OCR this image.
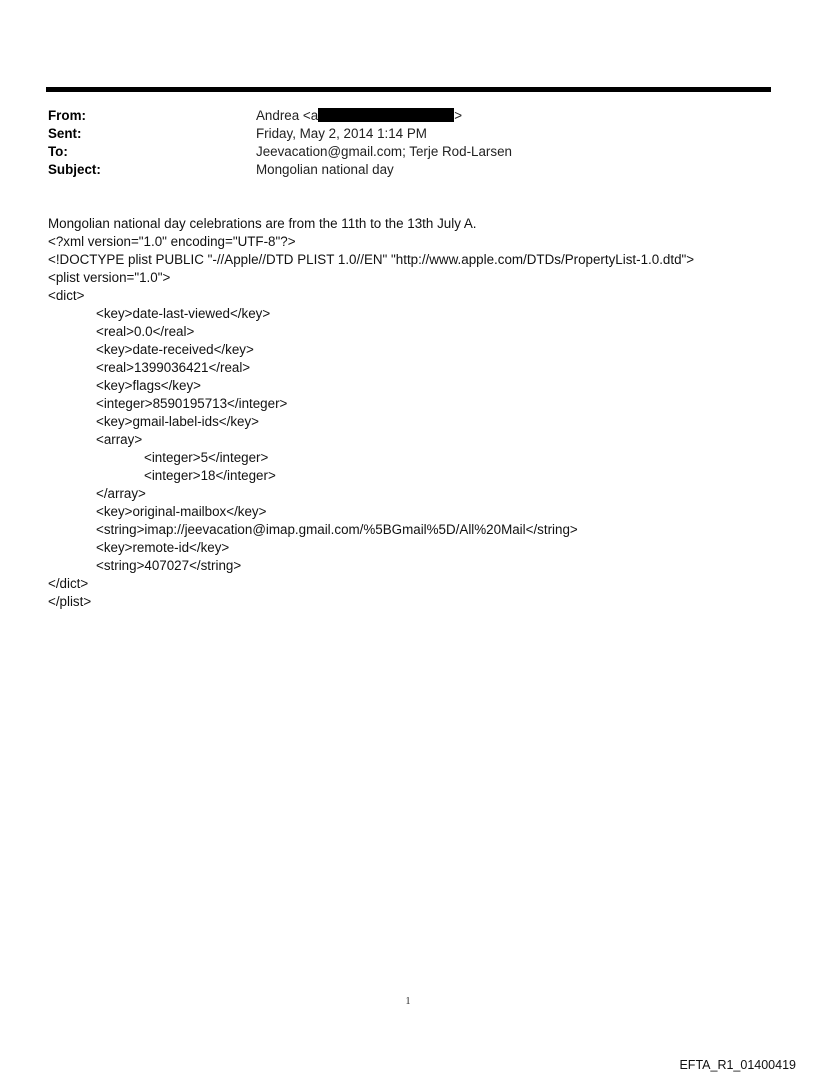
From:	Andrea <a	>
Sent:	Friday, May 2, 2014 1:14 PM
To:	Jeevacation@gmail.com; Terje Rod-Larsen
Subject:	Mongolian national day
Mongolian national day celebrations are from the 11th to the 13th July A.
<?xml version="1.0" encoding="UTF-8"?>
<!DOCTYPE plist PUBLIC "-//Apple//DTD PLIST 1.0//EN" "http://www.apple.com/DTDs/PropertyList-1.0.dtd">
<plist version="1.0">
<dict>
<key>date-last-viewed</key>
<real>0.0</real>
<key>date-received</key>
<real>1399036421</real>
<key>flags</key>
<integer>8590195713</integer>
<key>gmail-label-ids</key>
<array>
<integer>5</integer>
<integer>18</integer>
</array>
<key>original-mailbox</key>
<string>imap://jeevacation@imap.gmail.com/%5BGmail%5D/All%20Mail</string>
<key>remote-id</key>
<string>407027</string>
</dict>
</plist>
1
EFTA_R1_01400419
